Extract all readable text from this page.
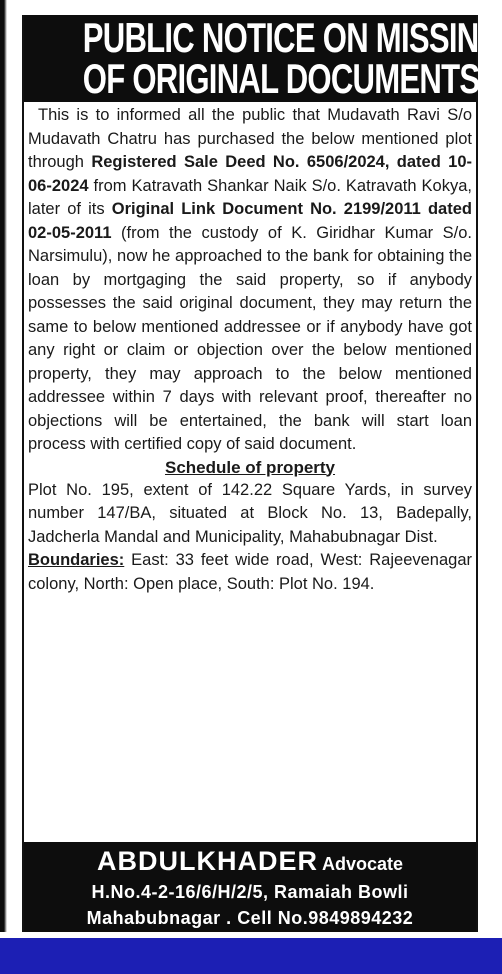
PUBLIC NOTICE ON MISSING
OF ORIGINAL DOCUMENTS
This is to informed all the public that Mudavath Ravi S/o Mudavath Chatru has purchased the below mentioned plot through Registered Sale Deed No. 6506/2024, dated 10-06-2024 from Katravath Shankar Naik S/o. Katravath Kokya, later of its Original Link Document No. 2199/2011 dated 02-05-2011 (from the custody of K. Giridhar Kumar S/o. Narsimulu), now he approached to the bank for obtaining the loan by mortgaging the said property, so if anybody possesses the said original document, they may return the same to below mentioned addressee or if anybody have got any right or claim or objection over the below mentioned property, they may approach to the below mentioned addressee within 7 days with relevant proof, thereafter no objections will be entertained, the bank will start loan process with certified copy of said document.
Schedule of property
Plot No. 195, extent of 142.22 Square Yards, in survey number 147/BA, situated at Block No. 13, Badepally, Jadcherla Mandal and Municipality, Mahabubnagar Dist.
Boundaries: East: 33 feet wide road, West: Rajeevenagar colony, North: Open place, South: Plot No. 194.
ABDULKHADER Advocate
H.No.4-2-16/6/H/2/5, Ramaiah Bowli
Mahabubnagar . Cell No.9849894232
